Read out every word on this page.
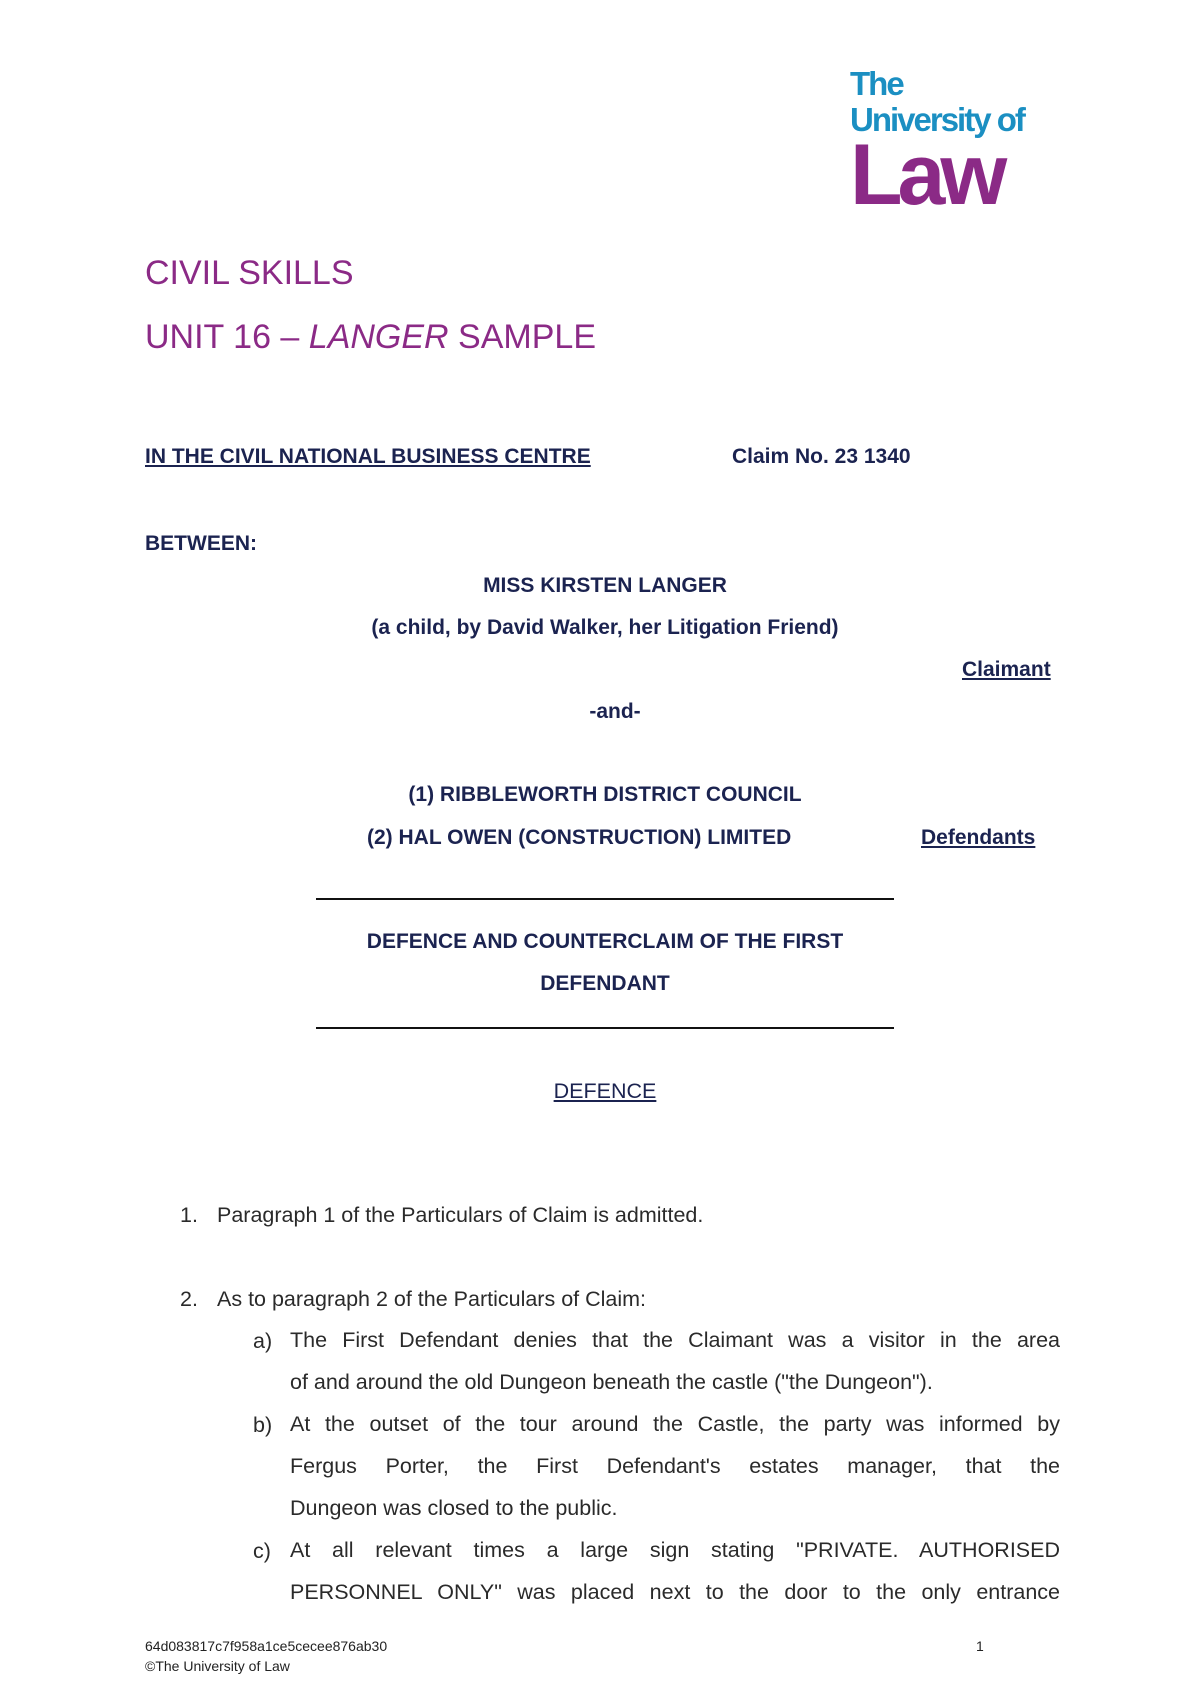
The
University of
Law
CIVIL SKILLS
UNIT 16 – LANGER SAMPLE
IN THE CIVIL NATIONAL BUSINESS CENTRE	Claim No. 23 1340
BETWEEN:
MISS KIRSTEN LANGER
(a child, by David Walker, her Litigation Friend)
Claimant
-and-
(1) RIBBLEWORTH DISTRICT COUNCIL
(2) HAL OWEN (CONSTRUCTION) LIMITED	Defendants
DEFENCE AND COUNTERCLAIM OF THE FIRST
DEFENDANT
DEFENCE
1. Paragraph 1 of the Particulars of Claim is admitted.
2. As to paragraph 2 of the Particulars of Claim:
a) The First Defendant denies that the Claimant was a visitor in the area
of and around the old Dungeon beneath the castle ("the Dungeon").
b) At the outset of the tour around the Castle, the party was informed by
Fergus Porter, the First Defendant's estates manager, that the
Dungeon was closed to the public.
c) At all relevant times a large sign stating "PRIVATE. AUTHORISED
PERSONNEL ONLY" was placed next to the door to the only entrance
64d083817c7f958a1ce5cecee876ab30
©The University of Law
1
